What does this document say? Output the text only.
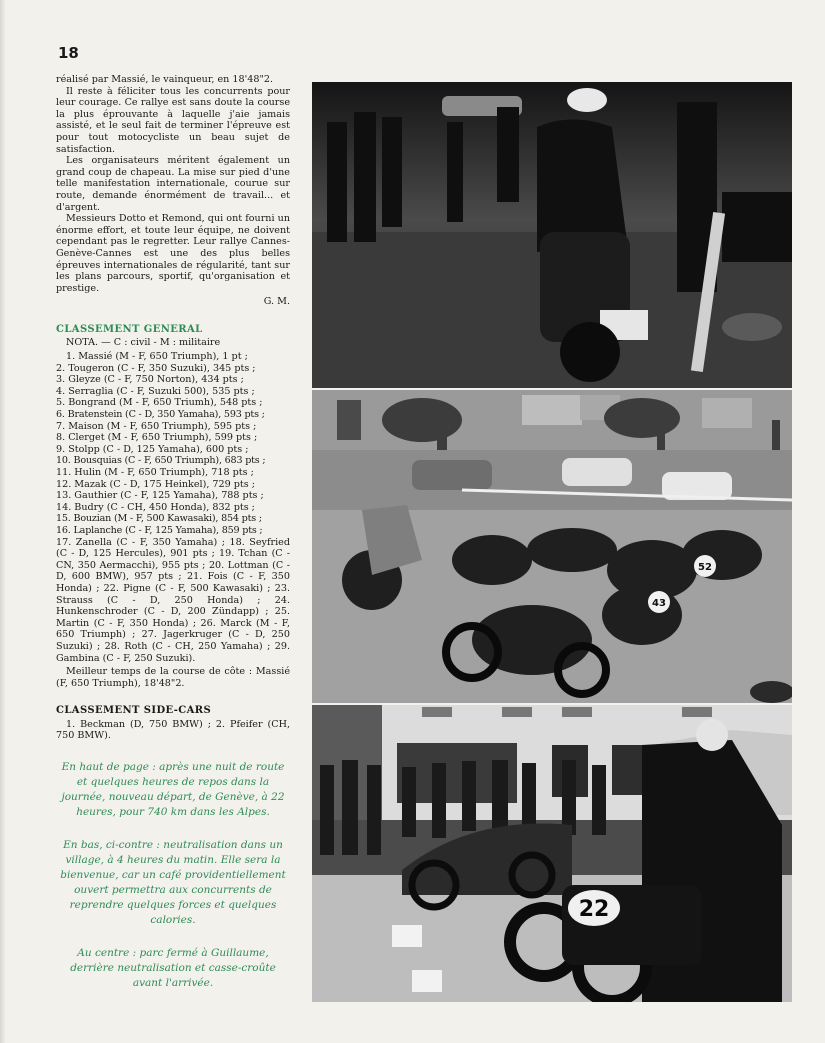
18

réalisé par Massié, le vainqueur, en 18'48"2.

Il reste à féliciter tous les concurrents pour leur courage. Ce rallye est sans doute la course la plus éprouvante à laquelle j'aie jamais assisté, et le seul fait de terminer l'épreuve est pour tout motocycliste un beau sujet de satisfaction.

Les organisateurs méritent également un grand coup de chapeau. La mise sur pied d'une telle manifestation internationale, courue sur route, demande énormément de travail... et d'argent.

Messieurs Dotto et Remond, qui ont fourni un énorme effort, et toute leur équipe, ne doivent cependant pas le regretter. Leur rallye Cannes-Genève-Cannes est une des plus belles épreuves internationales de régularité, tant sur les plans parcours, sportif, qu'organisation et prestige.

G. M.

CLASSEMENT GENERAL

NOTA. — C : civil - M : militaire

1. Massié (M - F, 650 Triumph), 1 pt ;
2. Tougeron (C - F, 350 Suzuki), 345 pts ;
3. Gleyze (C - F, 750 Norton), 434 pts ;
4. Serraglia (C - F, Suzuki 500), 535 pts ;
5. Bongrand (M - F, 650 Triumh), 548 pts ;
6. Bratenstein (C - D, 350 Yamaha), 593 pts ;
7. Maison (M - F, 650 Triumph), 595 pts ;
8. Clerget (M - F, 650 Triumph), 599 pts ;
9. Stolpp (C - D, 125 Yamaha), 600 pts ;
10. Bousquias (C - F, 650 Triumph), 683 pts ;
11. Hulin (M - F, 650 Triumph), 718 pts ;
12. Mazak (C - D, 175 Heinkel), 729 pts ;
13. Gauthier (C - F, 125 Yamaha), 788 pts ;
14. Budry (C - CH, 450 Honda), 832 pts ;
15. Bouzian (M - F, 500 Kawasaki), 854 pts ;
16. Laplanche (C - F, 125 Yamaha), 859 pts ;
17. Zanella (C - F, 350 Yamaha) ; 18. Seyfried (C - D, 125 Hercules), 901 pts ; 19. Tchan (C - CN, 350 Aermacchi), 955 pts ; 20. Lottman (C - D, 600 BMW), 957 pts ; 21. Fois (C - F, 350 Honda) ; 22. Pigne (C - F, 500 Kawasaki) ; 23. Strauss (C - D, 250 Honda) ; 24. Hunkenschroder (C - D, 200 Zündapp) ; 25. Martin (C - F, 350 Honda) ; 26. Marck (M - F, 650 Triumph) ; 27. Jagerkruger (C - D, 250 Suzuki) ; 28. Roth (C - CH, 250 Yamaha) ; 29. Gambina (C - F, 250 Suzuki).

Meilleur temps de la course de côte : Massié (F, 650 Triumph), 18'48"2.

CLASSEMENT SIDE-CARS

1. Beckman (D, 750 BMW) ; 2. Pfeifer (CH, 750 BMW).

En haut de page : après une nuit de route et quelques heures de repos dans la journée, nouveau départ, de Genève, à 22 heures, pour 740 km dans les Alpes.

En bas, ci-contre : neutralisation dans un village, à 4 heures du matin. Elle sera la bienvenue, car un café providentiellement ouvert permettra aux concurrents de reprendre quelques forces et quelques calories.

Au centre : parc fermé à Guillaume, derrière neutralisation et casse-croûte avant l'arrivée.

52
43
22
